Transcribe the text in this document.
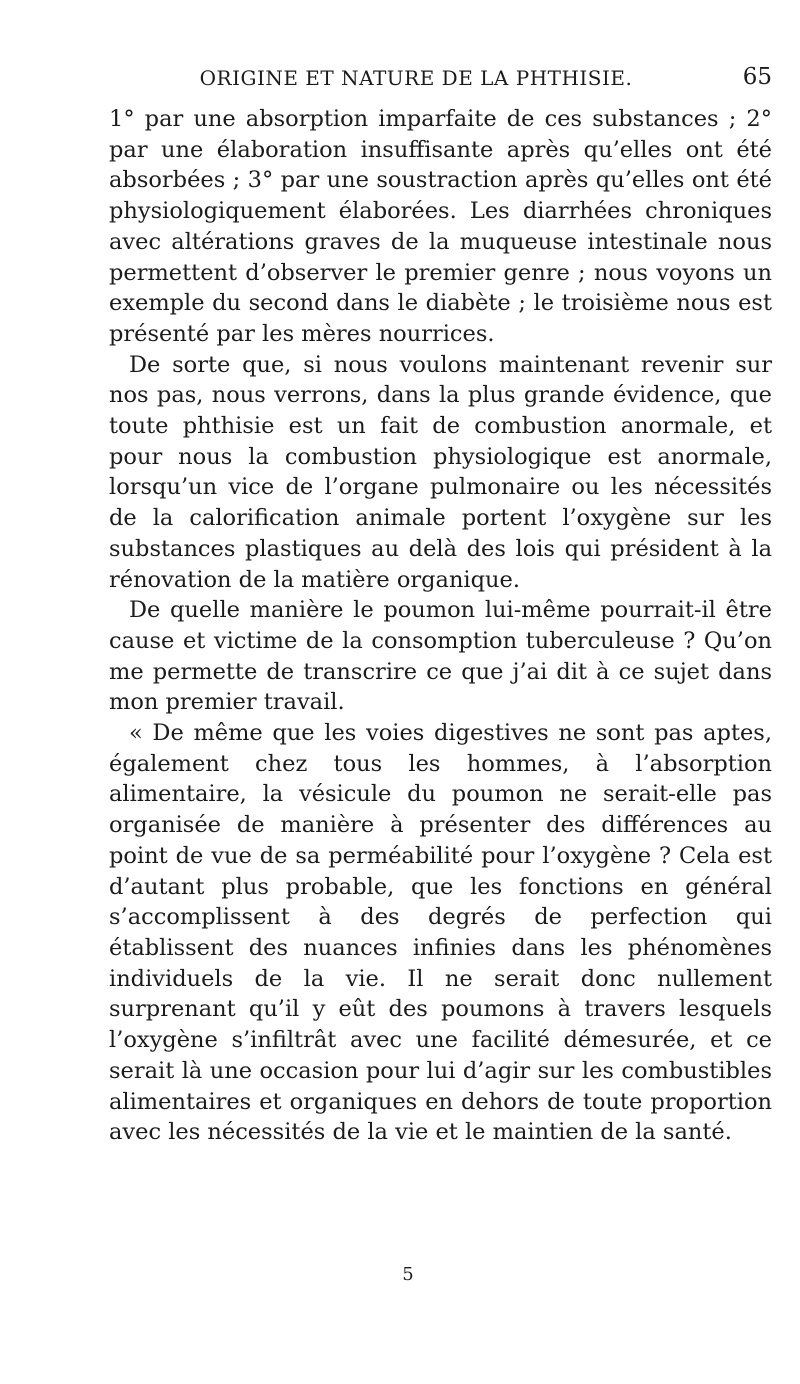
ORIGINE ET NATURE DE LA PHTHISIE.	65

1° par une absorption imparfaite de ces substances ; 2° par une élaboration insuffisante après qu’elles ont été absorbées ; 3° par une soustraction après qu’elles ont été physiologiquement élaborées. Les diarrhées chroniques avec altérations graves de la muqueuse intestinale nous permettent d’observer le premier genre ; nous voyons un exemple du second dans le diabète ; le troisième nous est présenté par les mères nourrices.

De sorte que, si nous voulons maintenant revenir sur nos pas, nous verrons, dans la plus grande évidence, que toute phthisie est un fait de combustion anormale, et pour nous la combustion physiologique est anormale, lorsqu’un vice de l’organe pulmonaire ou les nécessités de la calorification animale portent l’oxygène sur les substances plastiques au delà des lois qui président à la rénovation de la matière organique.

De quelle manière le poumon lui-même pourrait-il être cause et victime de la consomption tuberculeuse ? Qu’on me permette de transcrire ce que j’ai dit à ce sujet dans mon premier travail.

« De même que les voies digestives ne sont pas aptes, également chez tous les hommes, à l’absorption alimentaire, la vésicule du poumon ne serait-elle pas organisée de manière à présenter des différences au point de vue de sa perméabilité pour l’oxygène ? Cela est d’autant plus probable, que les fonctions en général s’accomplissent à des degrés de perfection qui établissent des nuances infinies dans les phénomènes individuels de la vie. Il ne serait donc nullement surprenant qu’il y eût des poumons à travers lesquels l’oxygène s’infiltrât avec une facilité démesurée, et ce serait là une occasion pour lui d’agir sur les combustibles alimentaires et organiques en dehors de toute proportion avec les nécessités de la vie et le maintien de la santé.

5
